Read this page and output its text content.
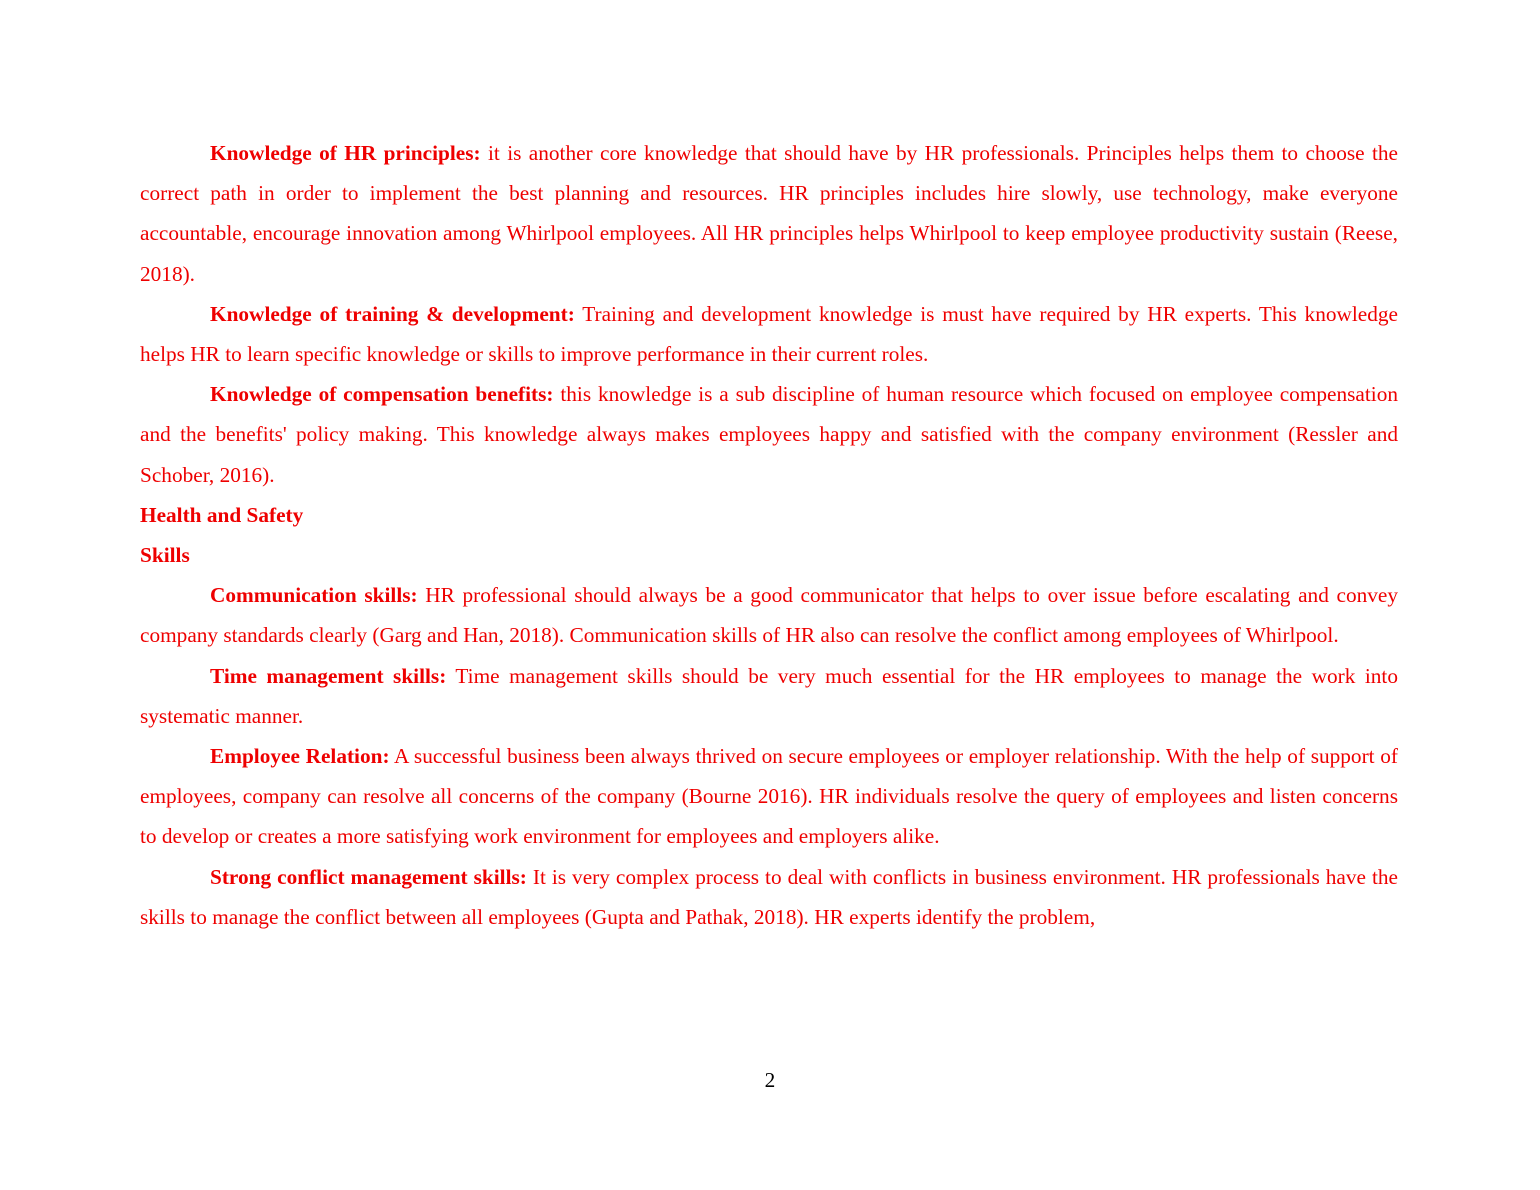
Knowledge of HR principles: it is another core knowledge that should have by HR professionals. Principles helps them to choose the correct path in order to implement the best planning and resources. HR principles includes hire slowly, use technology, make everyone accountable, encourage innovation among Whirlpool employees. All HR principles helps Whirlpool to keep employee productivity sustain (Reese, 2018).

Knowledge of training & development: Training and development knowledge is must have required by HR experts. This knowledge helps HR to learn specific knowledge or skills to improve performance in their current roles.

Knowledge of compensation benefits: this knowledge is a sub discipline of human resource which focused on employee compensation and the benefits' policy making. This knowledge always makes employees happy and satisfied with the company environment (Ressler and Schober, 2016).

Health and Safety

Skills

Communication skills: HR professional should always be a good communicator that helps to over issue before escalating and convey company standards clearly (Garg and Han, 2018). Communication skills of HR also can resolve the conflict among employees of Whirlpool.

Time management skills: Time management skills should be very much essential for the HR employees to manage the work into systematic manner.

Employee Relation: A successful business been always thrived on secure employees or employer relationship. With the help of support of employees, company can resolve all concerns of the company (Bourne 2016). HR individuals resolve the query of employees and listen concerns to develop or creates a more satisfying work environment for employees and employers alike.

Strong conflict management skills: It is very complex process to deal with conflicts in business environment. HR professionals have the skills to manage the conflict between all employees (Gupta and Pathak, 2018). HR experts identify the problem,

2
